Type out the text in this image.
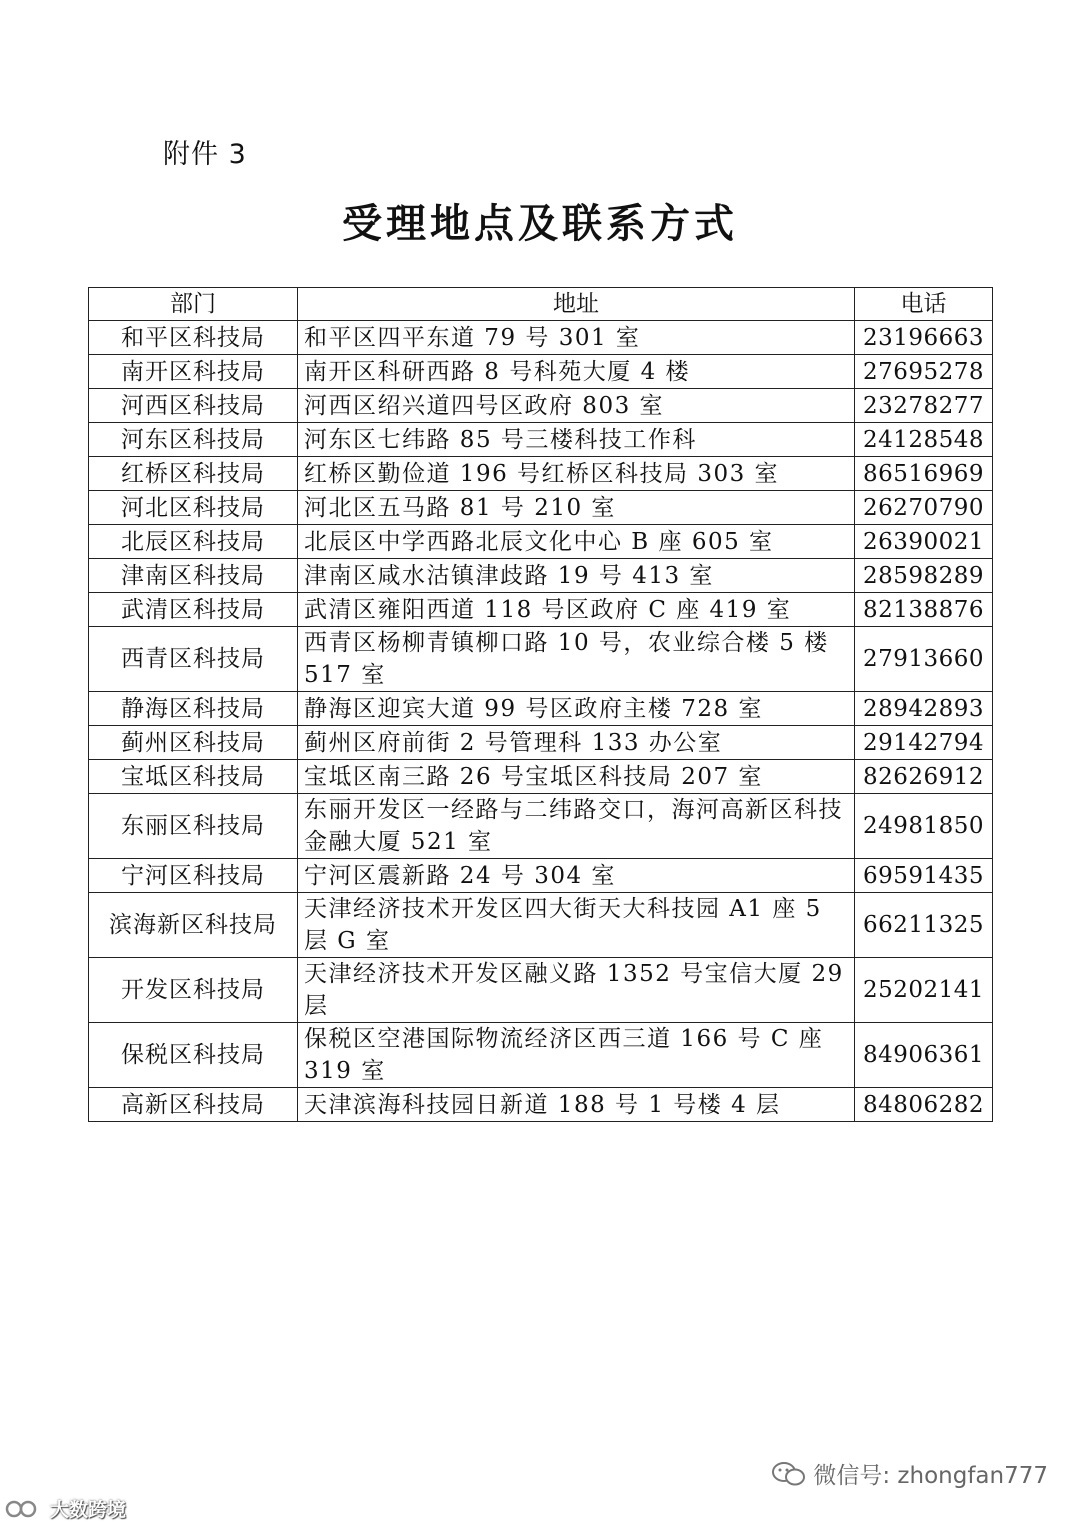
附件 3
受理地点及联系方式
部门	地址	电话
和平区科技局	和平区四平东道 79 号 301 室	23196663
南开区科技局	南开区科研西路 8 号科苑大厦 4 楼	27695278
河西区科技局	河西区绍兴道四号区政府 803 室	23278277
河东区科技局	河东区七纬路 85 号三楼科技工作科	24128548
红桥区科技局	红桥区勤俭道 196 号红桥区科技局 303 室	86516969
河北区科技局	河北区五马路 81 号 210 室	26270790
北辰区科技局	北辰区中学西路北辰文化中心 B 座 605 室	26390021
津南区科技局	津南区咸水沽镇津歧路 19 号 413 室	28598289
武清区科技局	武清区雍阳西道 118 号区政府 C 座 419 室	82138876
西青区科技局	西青区杨柳青镇柳口路 10 号，农业综合楼 5 楼 517 室	27913660
静海区科技局	静海区迎宾大道 99 号区政府主楼 728 室	28942893
蓟州区科技局	蓟州区府前街 2 号管理科 133 办公室	29142794
宝坻区科技局	宝坻区南三路 26 号宝坻区科技局 207 室	82626912
东丽区科技局	东丽开发区一经路与二纬路交口，海河高新区科技金融大厦 521 室	24981850
宁河区科技局	宁河区震新路 24 号 304 室	69591435
滨海新区科技局	天津经济技术开发区四大街天大科技园 A1 座 5 层 G 室	66211325
开发区科技局	天津经济技术开发区融义路 1352 号宝信大厦 29 层	25202141
保税区科技局	保税区空港国际物流经济区西三道 166 号 C 座 319 室	84906361
高新区科技局	天津滨海科技园日新道 188 号 1 号楼 4 层	84806282
微信号: zhongfan777
大数跨境
